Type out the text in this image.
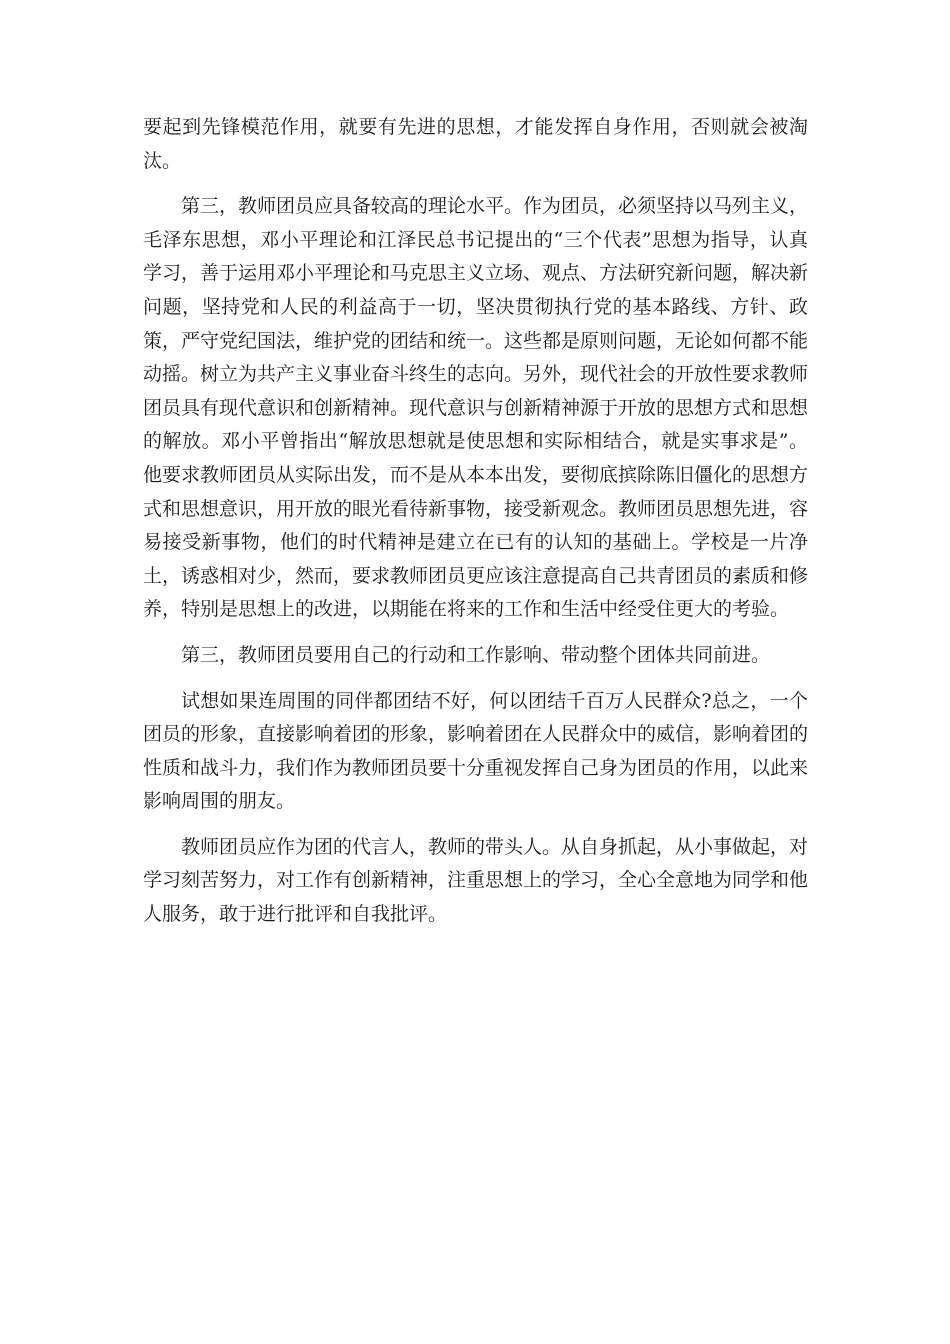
要起到先锋模范作用，就要有先进的思想，才能发挥自身作用，否则就会被淘汰。

第三，教师团员应具备较高的理论水平。作为团员，必须坚持以马列主义，毛泽东思想，邓小平理论和江泽民总书记提出的“三个代表”思想为指导，认真学习，善于运用邓小平理论和马克思主义立场、观点、方法研究新问题，解决新问题，坚持党和人民的利益高于一切，坚决贯彻执行党的基本路线、方针、政策，严守党纪国法，维护党的团结和统一。这些都是原则问题，无论如何都不能动摇。树立为共产主义事业奋斗终生的志向。另外，现代社会的开放性要求教师团员具有现代意识和创新精神。现代意识与创新精神源于开放的思想方式和思想的解放。邓小平曾指出“解放思想就是使思想和实际相结合，就是实事求是”。他要求教师团员从实际出发，而不是从本本出发，要彻底摈除陈旧僵化的思想方式和思想意识，用开放的眼光看待新事物，接受新观念。教师团员思想先进，容易接受新事物，他们的时代精神是建立在已有的认知的基础上。学校是一片净土，诱惑相对少，然而，要求教师团员更应该注意提高自己共青团员的素质和修养，特别是思想上的改进，以期能在将来的工作和生活中经受住更大的考验。

第三，教师团员要用自己的行动和工作影响、带动整个团体共同前进。

试想如果连周围的同伴都团结不好，何以团结千百万人民群众?总之，一个团员的形象，直接影响着团的形象，影响着团在人民群众中的威信，影响着团的性质和战斗力，我们作为教师团员要十分重视发挥自己身为团员的作用，以此来影响周围的朋友。

教师团员应作为团的代言人，教师的带头人。从自身抓起，从小事做起，对学习刻苦努力，对工作有创新精神，注重思想上的学习，全心全意地为同学和他人服务，敢于进行批评和自我批评。
